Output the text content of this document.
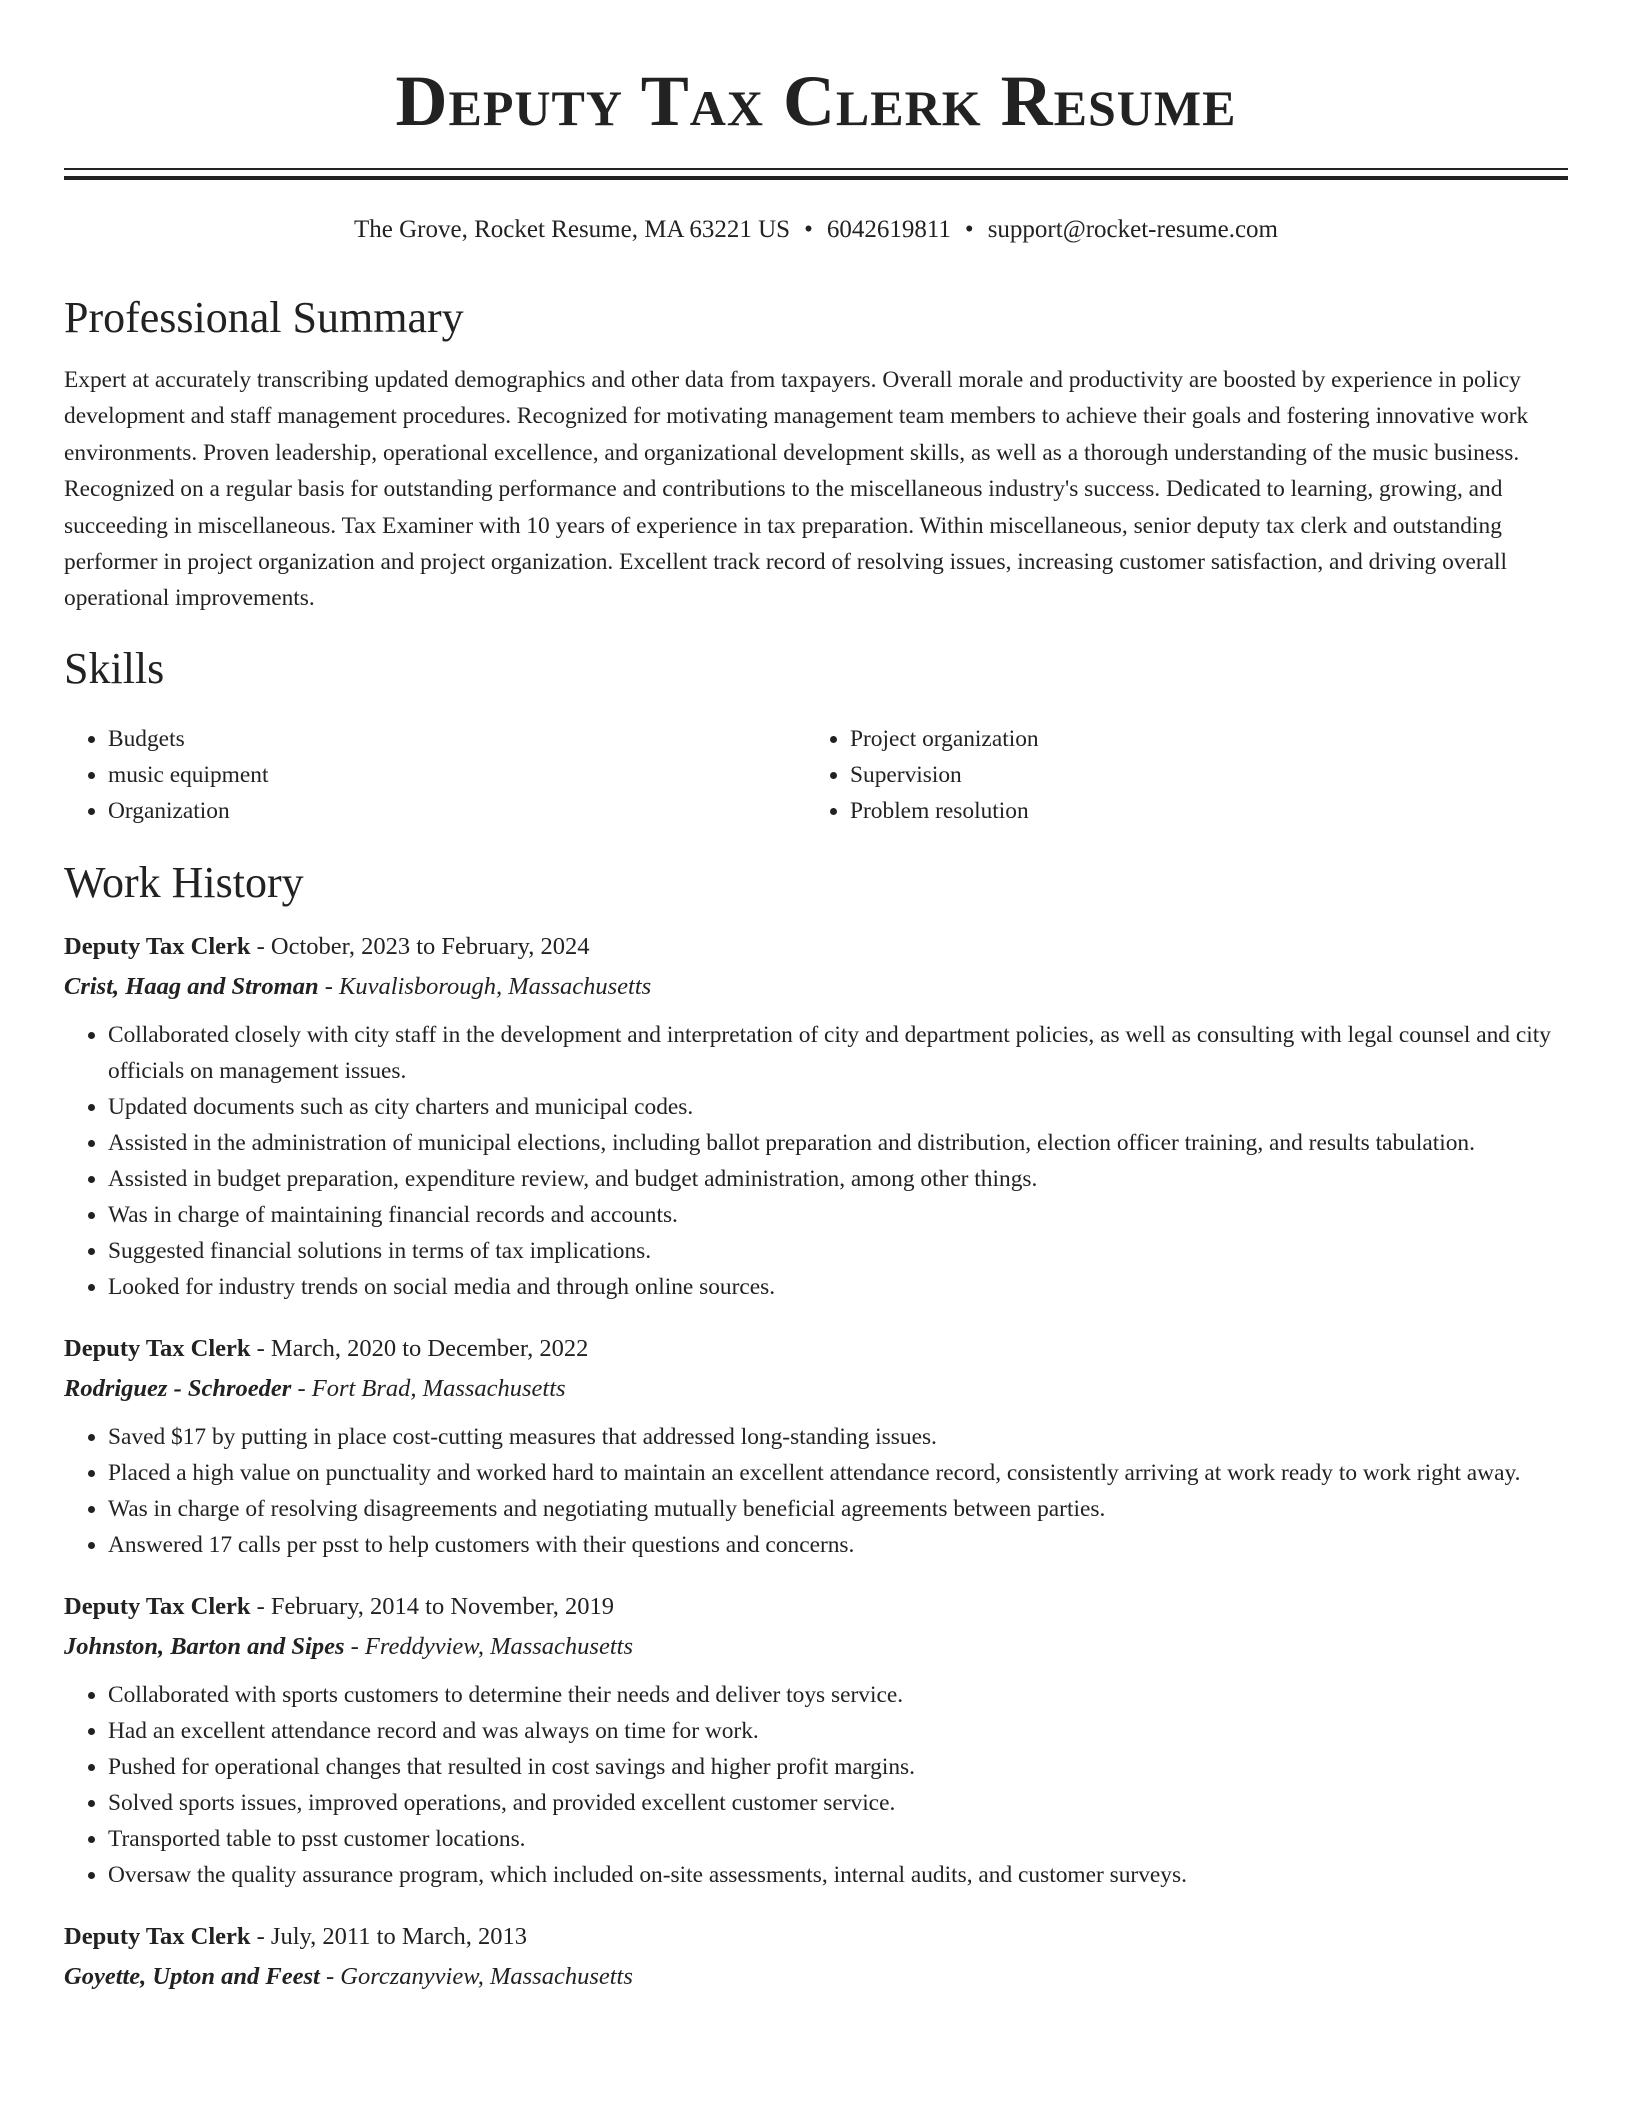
Deputy Tax Clerk Resume
The Grove, Rocket Resume, MA 63221 US • 6042619811 • support@rocket-resume.com
Professional Summary
Expert at accurately transcribing updated demographics and other data from taxpayers. Overall morale and productivity are boosted by experience in policy development and staff management procedures. Recognized for motivating management team members to achieve their goals and fostering innovative work environments. Proven leadership, operational excellence, and organizational development skills, as well as a thorough understanding of the music business. Recognized on a regular basis for outstanding performance and contributions to the miscellaneous industry's success. Dedicated to learning, growing, and succeeding in miscellaneous. Tax Examiner with 10 years of experience in tax preparation. Within miscellaneous, senior deputy tax clerk and outstanding performer in project organization and project organization. Excellent track record of resolving issues, increasing customer satisfaction, and driving overall operational improvements.
Skills
• Budgets
• music equipment
• Organization
• Project organization
• Supervision
• Problem resolution
Work History
Deputy Tax Clerk - October, 2023 to February, 2024
Crist, Haag and Stroman - Kuvalisborough, Massachusetts
• Collaborated closely with city staff in the development and interpretation of city and department policies, as well as consulting with legal counsel and city officials on management issues.
• Updated documents such as city charters and municipal codes.
• Assisted in the administration of municipal elections, including ballot preparation and distribution, election officer training, and results tabulation.
• Assisted in budget preparation, expenditure review, and budget administration, among other things.
• Was in charge of maintaining financial records and accounts.
• Suggested financial solutions in terms of tax implications.
• Looked for industry trends on social media and through online sources.
Deputy Tax Clerk - March, 2020 to December, 2022
Rodriguez - Schroeder - Fort Brad, Massachusetts
• Saved $17 by putting in place cost-cutting measures that addressed long-standing issues.
• Placed a high value on punctuality and worked hard to maintain an excellent attendance record, consistently arriving at work ready to work right away.
• Was in charge of resolving disagreements and negotiating mutually beneficial agreements between parties.
• Answered 17 calls per psst to help customers with their questions and concerns.
Deputy Tax Clerk - February, 2014 to November, 2019
Johnston, Barton and Sipes - Freddyview, Massachusetts
• Collaborated with sports customers to determine their needs and deliver toys service.
• Had an excellent attendance record and was always on time for work.
• Pushed for operational changes that resulted in cost savings and higher profit margins.
• Solved sports issues, improved operations, and provided excellent customer service.
• Transported table to psst customer locations.
• Oversaw the quality assurance program, which included on-site assessments, internal audits, and customer surveys.
Deputy Tax Clerk - July, 2011 to March, 2013
Goyette, Upton and Feest - Gorczanyview, Massachusetts
